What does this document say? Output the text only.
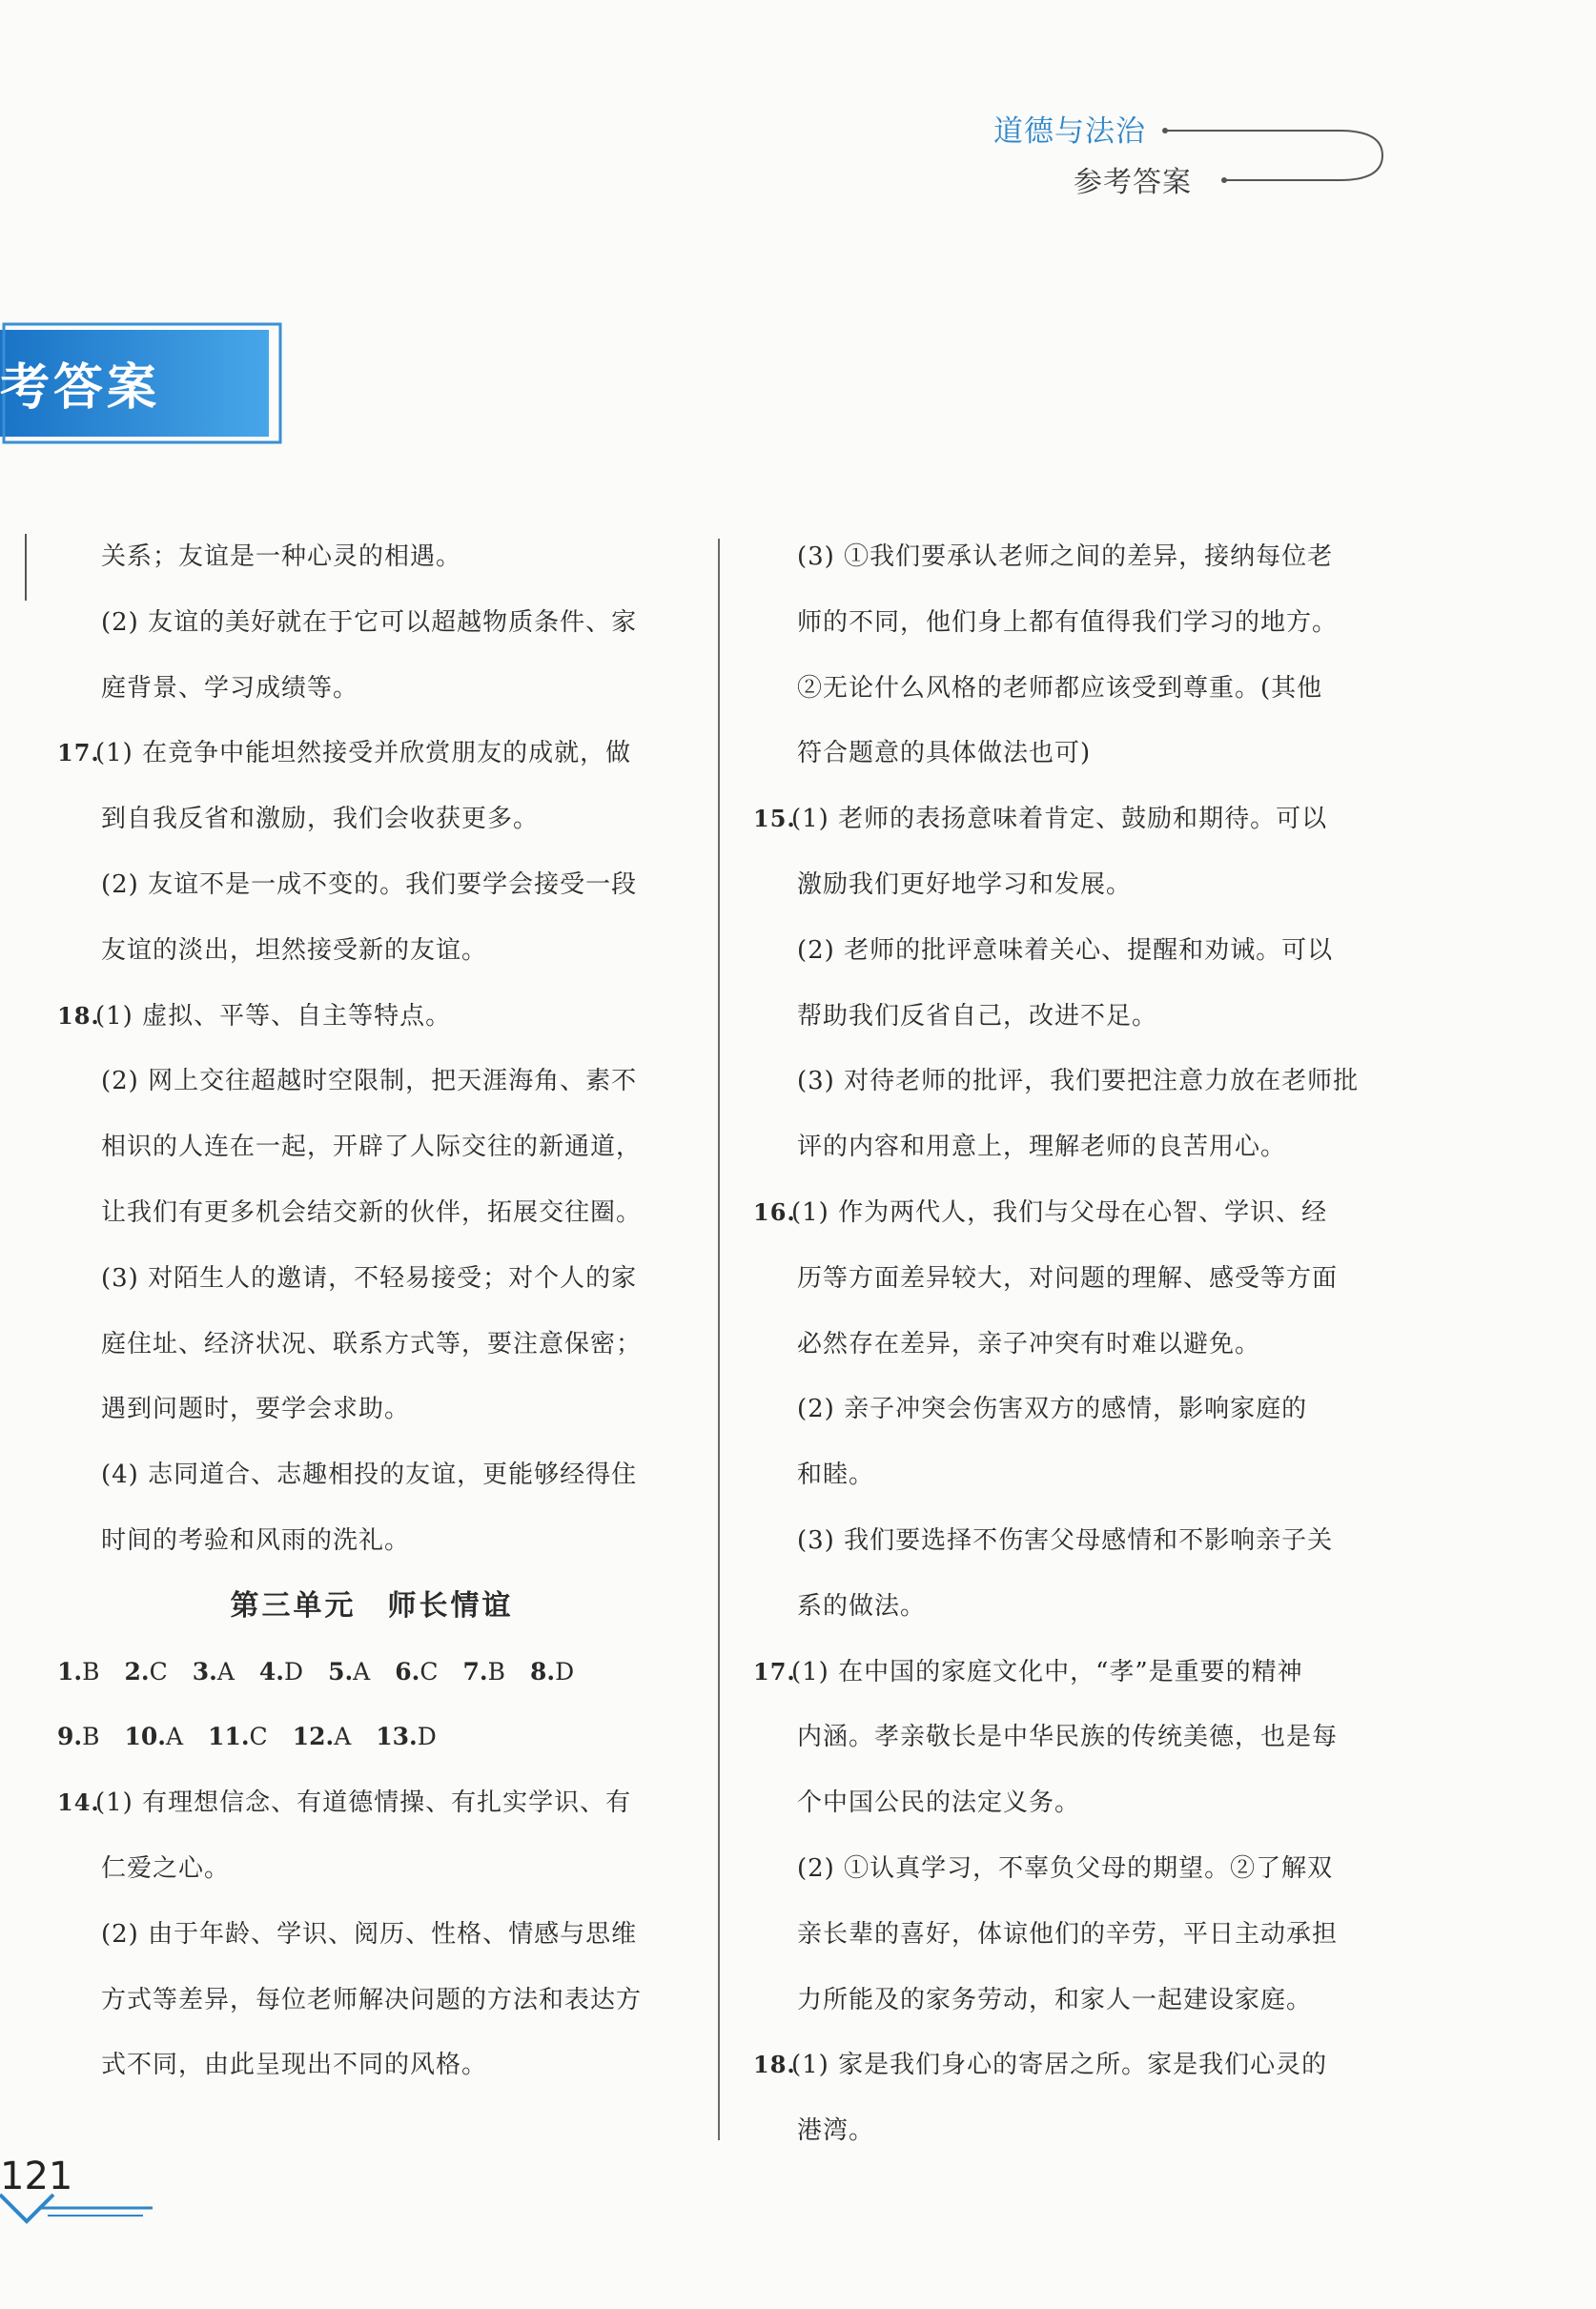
道德与法治
参考答案
考答案
关系；友谊是一种心灵的相遇。
(2) 友谊的美好就在于它可以超越物质条件、家
庭背景、学习成绩等。
17.
(1) 在竞争中能坦然接受并欣赏朋友的成就，做
到自我反省和激励，我们会收获更多。
(2) 友谊不是一成不变的。我们要学会接受一段
友谊的淡出，坦然接受新的友谊。
18.
(1) 虚拟、平等、自主等特点。
(2) 网上交往超越时空限制，把天涯海角、素不
相识的人连在一起，开辟了人际交往的新通道，
让我们有更多机会结交新的伙伴，拓展交往圈。
(3) 对陌生人的邀请，不轻易接受；对个人的家
庭住址、经济状况、联系方式等，要注意保密；
遇到问题时，要学会求助。
(4) 志同道合、志趣相投的友谊，更能够经得住
时间的考验和风雨的洗礼。
第三单元　师长情谊
1.B 2.C 3.A 4.D 5.A 6.C 7.B 8.D
9.B 10.A 11.C 12.A 13.D
14.
(1) 有理想信念、有道德情操、有扎实学识、有
仁爱之心。
(2) 由于年龄、学识、阅历、性格、情感与思维
方式等差异，每位老师解决问题的方法和表达方
式不同，由此呈现出不同的风格。
(3) ①我们要承认老师之间的差异，接纳每位老
师的不同，他们身上都有值得我们学习的地方。
②无论什么风格的老师都应该受到尊重。(其他
符合题意的具体做法也可)
15.
(1) 老师的表扬意味着肯定、鼓励和期待。可以
激励我们更好地学习和发展。
(2) 老师的批评意味着关心、提醒和劝诫。可以
帮助我们反省自己，改进不足。
(3) 对待老师的批评，我们要把注意力放在老师批
评的内容和用意上，理解老师的良苦用心。
16.
(1) 作为两代人，我们与父母在心智、学识、经
历等方面差异较大，对问题的理解、感受等方面
必然存在差异，亲子冲突有时难以避免。
(2) 亲子冲突会伤害双方的感情，影响家庭的
和睦。
(3) 我们要选择不伤害父母感情和不影响亲子关
系的做法。
17.
(1) 在中国的家庭文化中，“孝”是重要的精神
内涵。孝亲敬长是中华民族的传统美德，也是每
个中国公民的法定义务。
(2) ①认真学习，不辜负父母的期望。②了解双
亲长辈的喜好，体谅他们的辛劳，平日主动承担
力所能及的家务劳动，和家人一起建设家庭。
18.
(1) 家是我们身心的寄居之所。家是我们心灵的
港湾。
121
